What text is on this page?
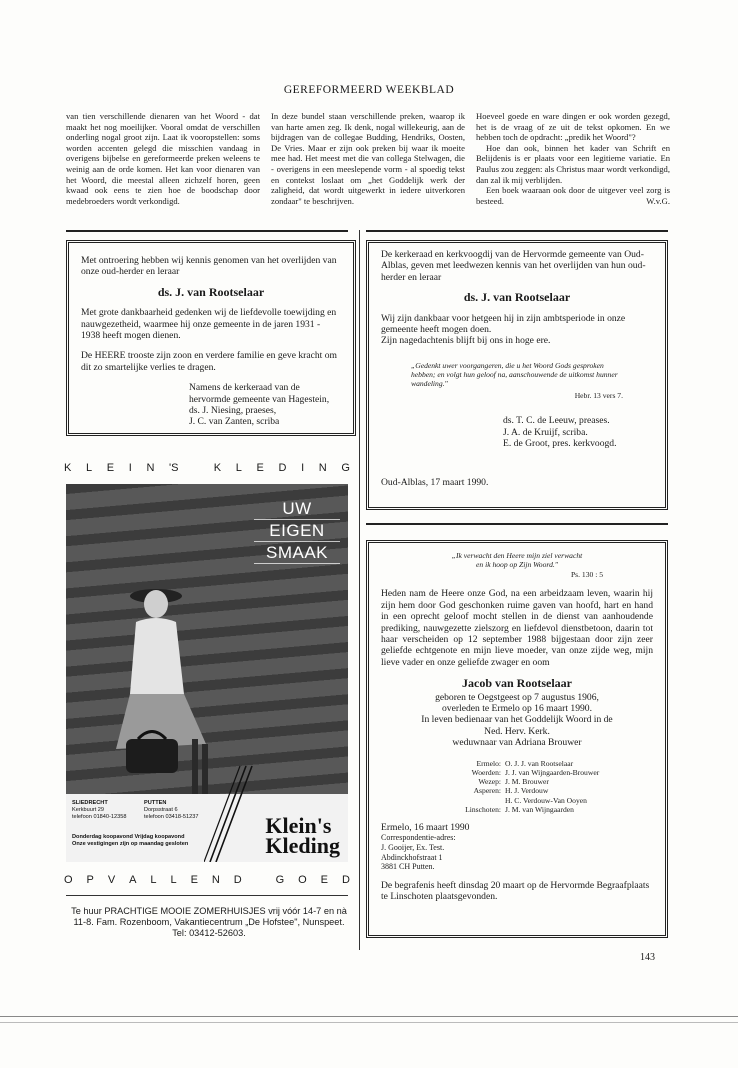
GEREFORMEERD WEEKBLAD

van tien verschillende dienaren van het Woord - dat maakt het nog moeilijker. Vooral omdat de verschillen onderling nogal groot zijn. Laat ik vooropstellen: soms worden accenten gelegd die misschien vandaag in overigens bijbelse en gereformeerde preken weleens te weinig aan de orde komen. Het kan voor dienaren van het Woord, die meestal alleen zichzelf horen, geen kwaad ook eens te zien hoe de boodschap door medebroeders wordt verkondigd.

In deze bundel staan verschillende preken, waarop ik van harte amen zeg. Ik denk, nogal willekeurig, aan de bijdragen van de collegae Budding, Hendriks, Oosten, De Vries. Maar er zijn ook preken bij waar ik moeite mee had. Het meest met die van collega Stelwagen, die - overigens in een meeslepende vorm - al spoedig tekst en contekst loslaat om „het Goddelijk werk der zaligheid, dat wordt uitgewerkt in iedere uitverkoren zondaar" te beschrijven.

Hoeveel goede en ware dingen er ook worden gezegd, het is de vraag of ze uit de tekst opkomen. En we hebben toch de opdracht: „predik het Woord"?

Hoe dan ook, binnen het kader van Schrift en Belijdenis is er plaats voor een legitieme variatie. En Paulus zou zeggen: als Christus maar wordt verkondigd, dan zal ik mij verblijden.

Een boek waaraan ook door de uitgever veel zorg is besteed.	W.v.G.

Met ontroering hebben wij kennis genomen van het overlijden van onze oud-herder en leraar

ds. J. van Rootselaar

Met grote dankbaarheid gedenken wij de liefdevolle toewijding en nauwgezetheid, waarmee hij onze gemeente in de jaren 1931 - 1938 heeft mogen dienen.

De HEERE trooste zijn zoon en verdere familie en geve kracht om dit zo smartelijke verlies te dragen.

Namens de kerkeraad van de
hervormde gemeente van Hagestein,
ds. J. Niesing, praeses,
J. C. van Zanten, scriba

De kerkeraad en kerkvoogdij van de Hervormde gemeente van Oud-Alblas, geven met leedwezen kennis van het overlijden van hun oud-herder en leraar

ds. J. van Rootselaar

Wij zijn dankbaar voor hetgeen hij in zijn ambtsperiode in onze gemeente heeft mogen doen.

Zijn nagedachtenis blijft bij ons in hoge ere.

„Gedenkt uwer voorgangeren, die u het Woord Gods gesproken hebben; en volgt hun geloof na, aanschouwende de uitkomst hunner wandeling."

Hebr. 13 vers 7.

ds. T. C. de Leeuw, preases.
J. A. de Kruijf, scriba.
E. de Groot, pres. kerkvoogd.

Oud-Alblas, 17 maart 1990.

„Ik verwacht den Heere mijn ziel verwacht
en ik hoop op Zijn Woord."
Ps. 130 : 5

Heden nam de Heere onze God, na een arbeidzaam leven, waarin hij zijn hem door God geschonken ruime gaven van hoofd, hart en hand in een oprecht geloof mocht stellen in de dienst van aanhoudende prediking, nauwgezette zielszorg en liefdevol dienstbetoon, daarin tot haar verscheiden op 12 september 1988 bijgestaan door zijn zeer geliefde echtgenote en mijn lieve moeder, van onze zijde weg, mijn lieve vader en onze geliefde zwager en oom

Jacob van Rootselaar

geboren te Oegstgeest op 7 augustus 1906,
overleden te Ermelo op 16 maart 1990.
In leven bedienaar van het Goddelijk Woord in de
Ned. Herv. Kerk.
weduwnaar van Adriana Brouwer
Ermelo:	O. J. J. van Rootselaar
Woerden:	J. J. van Wijngaarden-Brouwer
Wezep:	J. M. Brouwer
Asperen:	H. J. Verdouw
	H. C. Verdouw-Van Ooyen
Linschoten:	J. M. van Wijngaarden

Ermelo, 16 maart 1990

Correspondentie-adres:
J. Gooijer, Ex. Test.
Abdinckhofstraat 1
3881 CH Putten.

De begrafenis heeft dinsdag 20 maart op de Hervormde Begraafplaats te Linschoten plaatsgevonden.

K L E I N 'S	K L E D I N G
UW
EIGEN
SMAAK
SLIEDRECHT
Kerkbuurt 29
telefoon 01840-12358
PUTTEN
Dorpsstraat 6
telefoon 03418-51237
Donderdag koopavond Vrijdag koopavond
Onze vestigingen zijn op maandag gesloten
Klein's
Kleding
O P V A L L E N D	G O E D
Te huur PRACHTIGE MOOIE ZOMERHUISJES vrij vóór 14-7 en nà 11-8. Fam. Rozenboom, Vakantiecentrum „De Hofstee", Nunspeet. Tel: 03412-52603.
143
